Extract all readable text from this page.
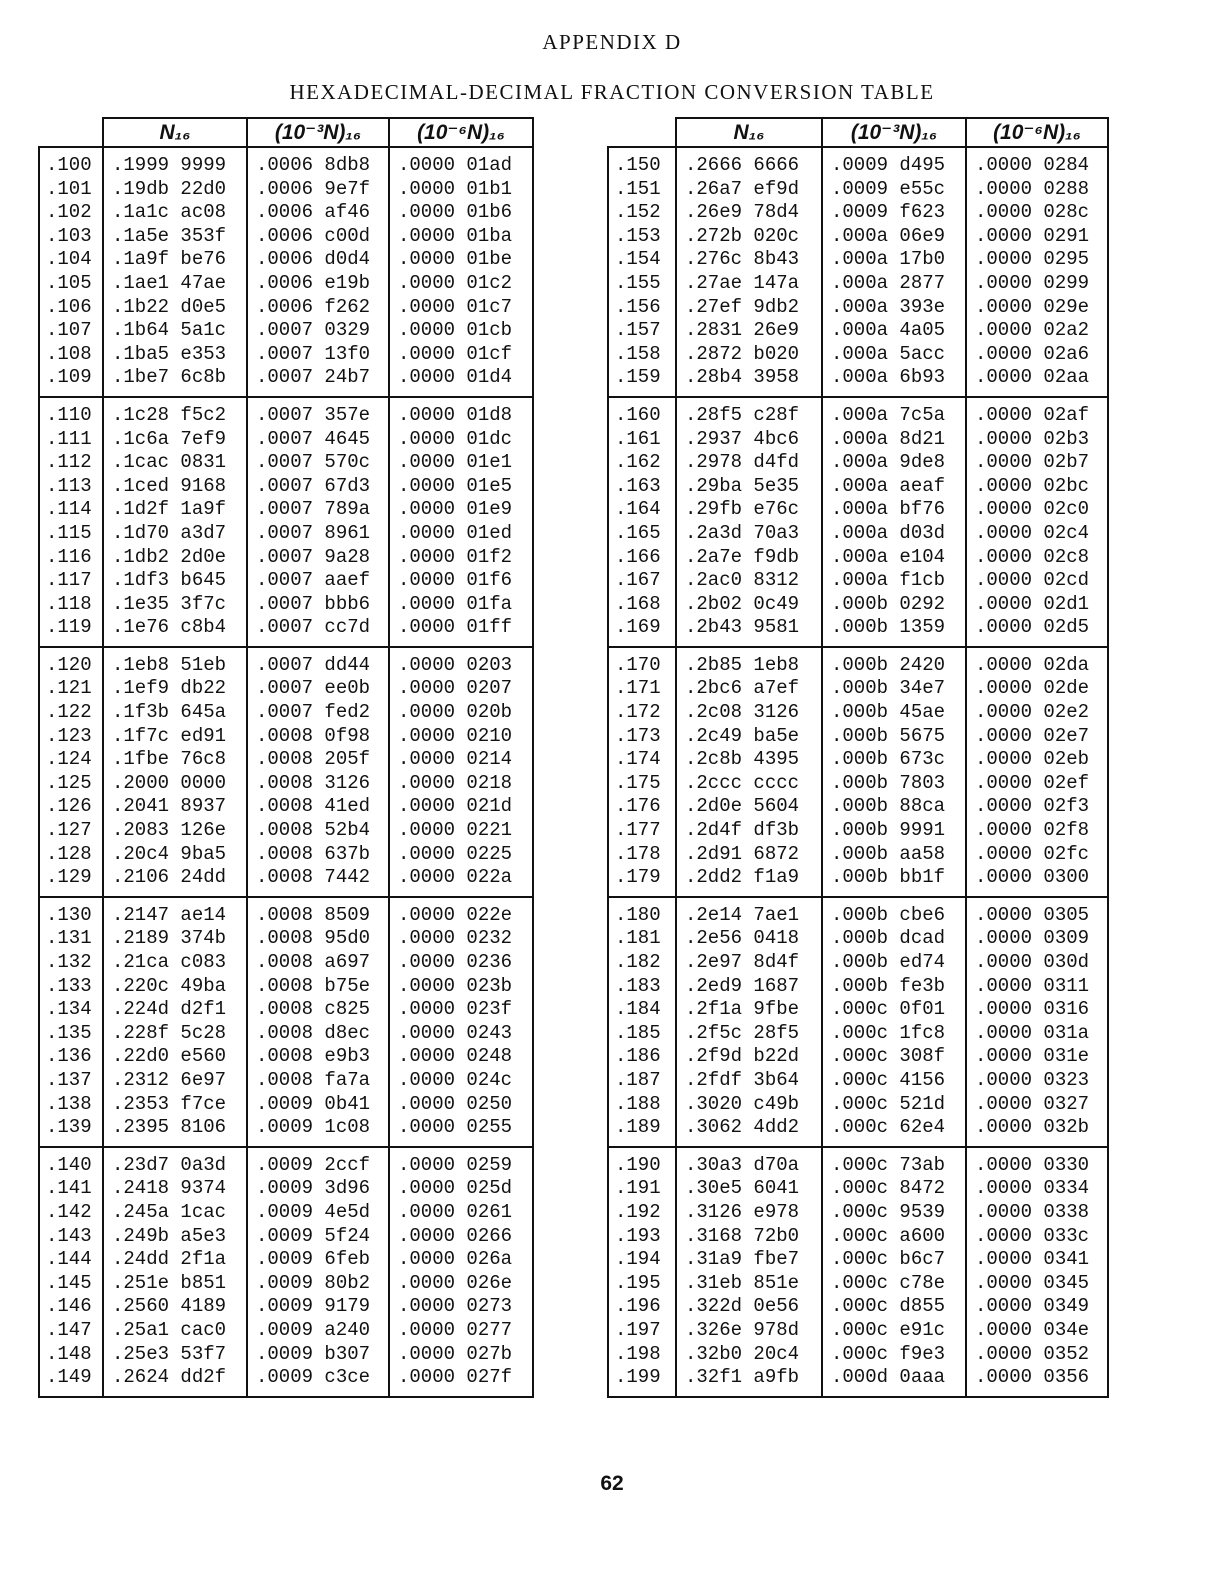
APPENDIX D
HEXADECIMAL-DECIMAL FRACTION CONVERSION TABLE
	N₁₆	(10⁻³N)₁₆	(10⁻⁶N)₁₆
.100	.1999 9999	.0006 8db8	.0000 01ad
.101	.19db 22d0	.0006 9e7f	.0000 01b1
.102	.1a1c ac08	.0006 af46	.0000 01b6
.103	.1a5e 353f	.0006 c00d	.0000 01ba
.104	.1a9f be76	.0006 d0d4	.0000 01be
.105	.1ae1 47ae	.0006 e19b	.0000 01c2
.106	.1b22 d0e5	.0006 f262	.0000 01c7
.107	.1b64 5a1c	.0007 0329	.0000 01cb
.108	.1ba5 e353	.0007 13f0	.0000 01cf
.109	.1be7 6c8b	.0007 24b7	.0000 01d4
.110	.1c28 f5c2	.0007 357e	.0000 01d8
.111	.1c6a 7ef9	.0007 4645	.0000 01dc
.112	.1cac 0831	.0007 570c	.0000 01e1
.113	.1ced 9168	.0007 67d3	.0000 01e5
.114	.1d2f 1a9f	.0007 789a	.0000 01e9
.115	.1d70 a3d7	.0007 8961	.0000 01ed
.116	.1db2 2d0e	.0007 9a28	.0000 01f2
.117	.1df3 b645	.0007 aaef	.0000 01f6
.118	.1e35 3f7c	.0007 bbb6	.0000 01fa
.119	.1e76 c8b4	.0007 cc7d	.0000 01ff
.120	.1eb8 51eb	.0007 dd44	.0000 0203
.121	.1ef9 db22	.0007 ee0b	.0000 0207
.122	.1f3b 645a	.0007 fed2	.0000 020b
.123	.1f7c ed91	.0008 0f98	.0000 0210
.124	.1fbe 76c8	.0008 205f	.0000 0214
.125	.2000 0000	.0008 3126	.0000 0218
.126	.2041 8937	.0008 41ed	.0000 021d
.127	.2083 126e	.0008 52b4	.0000 0221
.128	.20c4 9ba5	.0008 637b	.0000 0225
.129	.2106 24dd	.0008 7442	.0000 022a
.130	.2147 ae14	.0008 8509	.0000 022e
.131	.2189 374b	.0008 95d0	.0000 0232
.132	.21ca c083	.0008 a697	.0000 0236
.133	.220c 49ba	.0008 b75e	.0000 023b
.134	.224d d2f1	.0008 c825	.0000 023f
.135	.228f 5c28	.0008 d8ec	.0000 0243
.136	.22d0 e560	.0008 e9b3	.0000 0248
.137	.2312 6e97	.0008 fa7a	.0000 024c
.138	.2353 f7ce	.0009 0b41	.0000 0250
.139	.2395 8106	.0009 1c08	.0000 0255
.140	.23d7 0a3d	.0009 2ccf	.0000 0259
.141	.2418 9374	.0009 3d96	.0000 025d
.142	.245a 1cac	.0009 4e5d	.0000 0261
.143	.249b a5e3	.0009 5f24	.0000 0266
.144	.24dd 2f1a	.0009 6feb	.0000 026a
.145	.251e b851	.0009 80b2	.0000 026e
.146	.2560 4189	.0009 9179	.0000 0273
.147	.25a1 cac0	.0009 a240	.0000 0277
.148	.25e3 53f7	.0009 b307	.0000 027b
.149	.2624 dd2f	.0009 c3ce	.0000 027f
	N₁₆	(10⁻³N)₁₆	(10⁻⁶N)₁₆
.150	.2666 6666	.0009 d495	.0000 0284
.151	.26a7 ef9d	.0009 e55c	.0000 0288
.152	.26e9 78d4	.0009 f623	.0000 028c
.153	.272b 020c	.000a 06e9	.0000 0291
.154	.276c 8b43	.000a 17b0	.0000 0295
.155	.27ae 147a	.000a 2877	.0000 0299
.156	.27ef 9db2	.000a 393e	.0000 029e
.157	.2831 26e9	.000a 4a05	.0000 02a2
.158	.2872 b020	.000a 5acc	.0000 02a6
.159	.28b4 3958	.000a 6b93	.0000 02aa
.160	.28f5 c28f	.000a 7c5a	.0000 02af
.161	.2937 4bc6	.000a 8d21	.0000 02b3
.162	.2978 d4fd	.000a 9de8	.0000 02b7
.163	.29ba 5e35	.000a aeaf	.0000 02bc
.164	.29fb e76c	.000a bf76	.0000 02c0
.165	.2a3d 70a3	.000a d03d	.0000 02c4
.166	.2a7e f9db	.000a e104	.0000 02c8
.167	.2ac0 8312	.000a f1cb	.0000 02cd
.168	.2b02 0c49	.000b 0292	.0000 02d1
.169	.2b43 9581	.000b 1359	.0000 02d5
.170	.2b85 1eb8	.000b 2420	.0000 02da
.171	.2bc6 a7ef	.000b 34e7	.0000 02de
.172	.2c08 3126	.000b 45ae	.0000 02e2
.173	.2c49 ba5e	.000b 5675	.0000 02e7
.174	.2c8b 4395	.000b 673c	.0000 02eb
.175	.2ccc cccc	.000b 7803	.0000 02ef
.176	.2d0e 5604	.000b 88ca	.0000 02f3
.177	.2d4f df3b	.000b 9991	.0000 02f8
.178	.2d91 6872	.000b aa58	.0000 02fc
.179	.2dd2 f1a9	.000b bb1f	.0000 0300
.180	.2e14 7ae1	.000b cbe6	.0000 0305
.181	.2e56 0418	.000b dcad	.0000 0309
.182	.2e97 8d4f	.000b ed74	.0000 030d
.183	.2ed9 1687	.000b fe3b	.0000 0311
.184	.2f1a 9fbe	.000c 0f01	.0000 0316
.185	.2f5c 28f5	.000c 1fc8	.0000 031a
.186	.2f9d b22d	.000c 308f	.0000 031e
.187	.2fdf 3b64	.000c 4156	.0000 0323
.188	.3020 c49b	.000c 521d	.0000 0327
.189	.3062 4dd2	.000c 62e4	.0000 032b
.190	.30a3 d70a	.000c 73ab	.0000 0330
.191	.30e5 6041	.000c 8472	.0000 0334
.192	.3126 e978	.000c 9539	.0000 0338
.193	.3168 72b0	.000c a600	.0000 033c
.194	.31a9 fbe7	.000c b6c7	.0000 0341
.195	.31eb 851e	.000c c78e	.0000 0345
.196	.322d 0e56	.000c d855	.0000 0349
.197	.326e 978d	.000c e91c	.0000 034e
.198	.32b0 20c4	.000c f9e3	.0000 0352
.199	.32f1 a9fb	.000d 0aaa	.0000 0356
62
